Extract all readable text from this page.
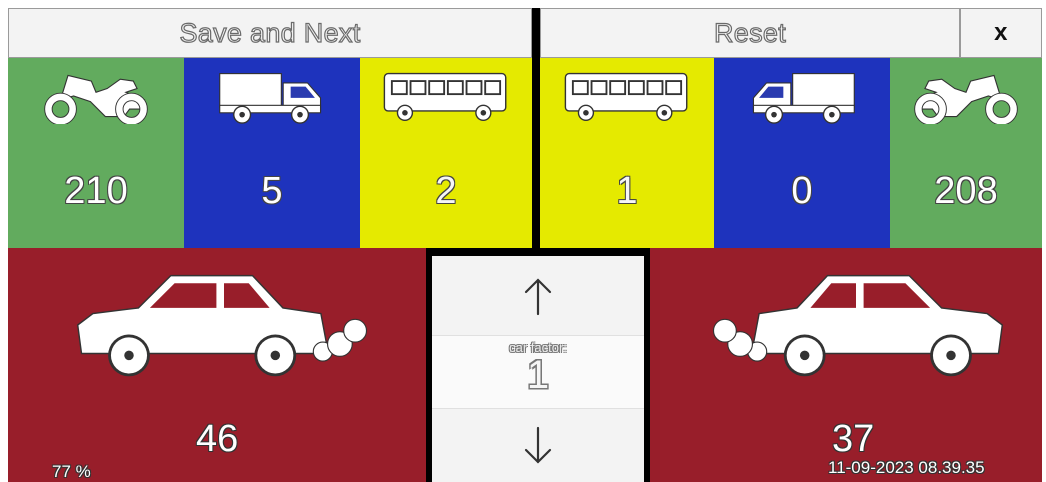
Save and Next	Reset	x
210	5	2	1	0	208
46
77 %
car factor:
1
37
11-09-2023 08.39.35
